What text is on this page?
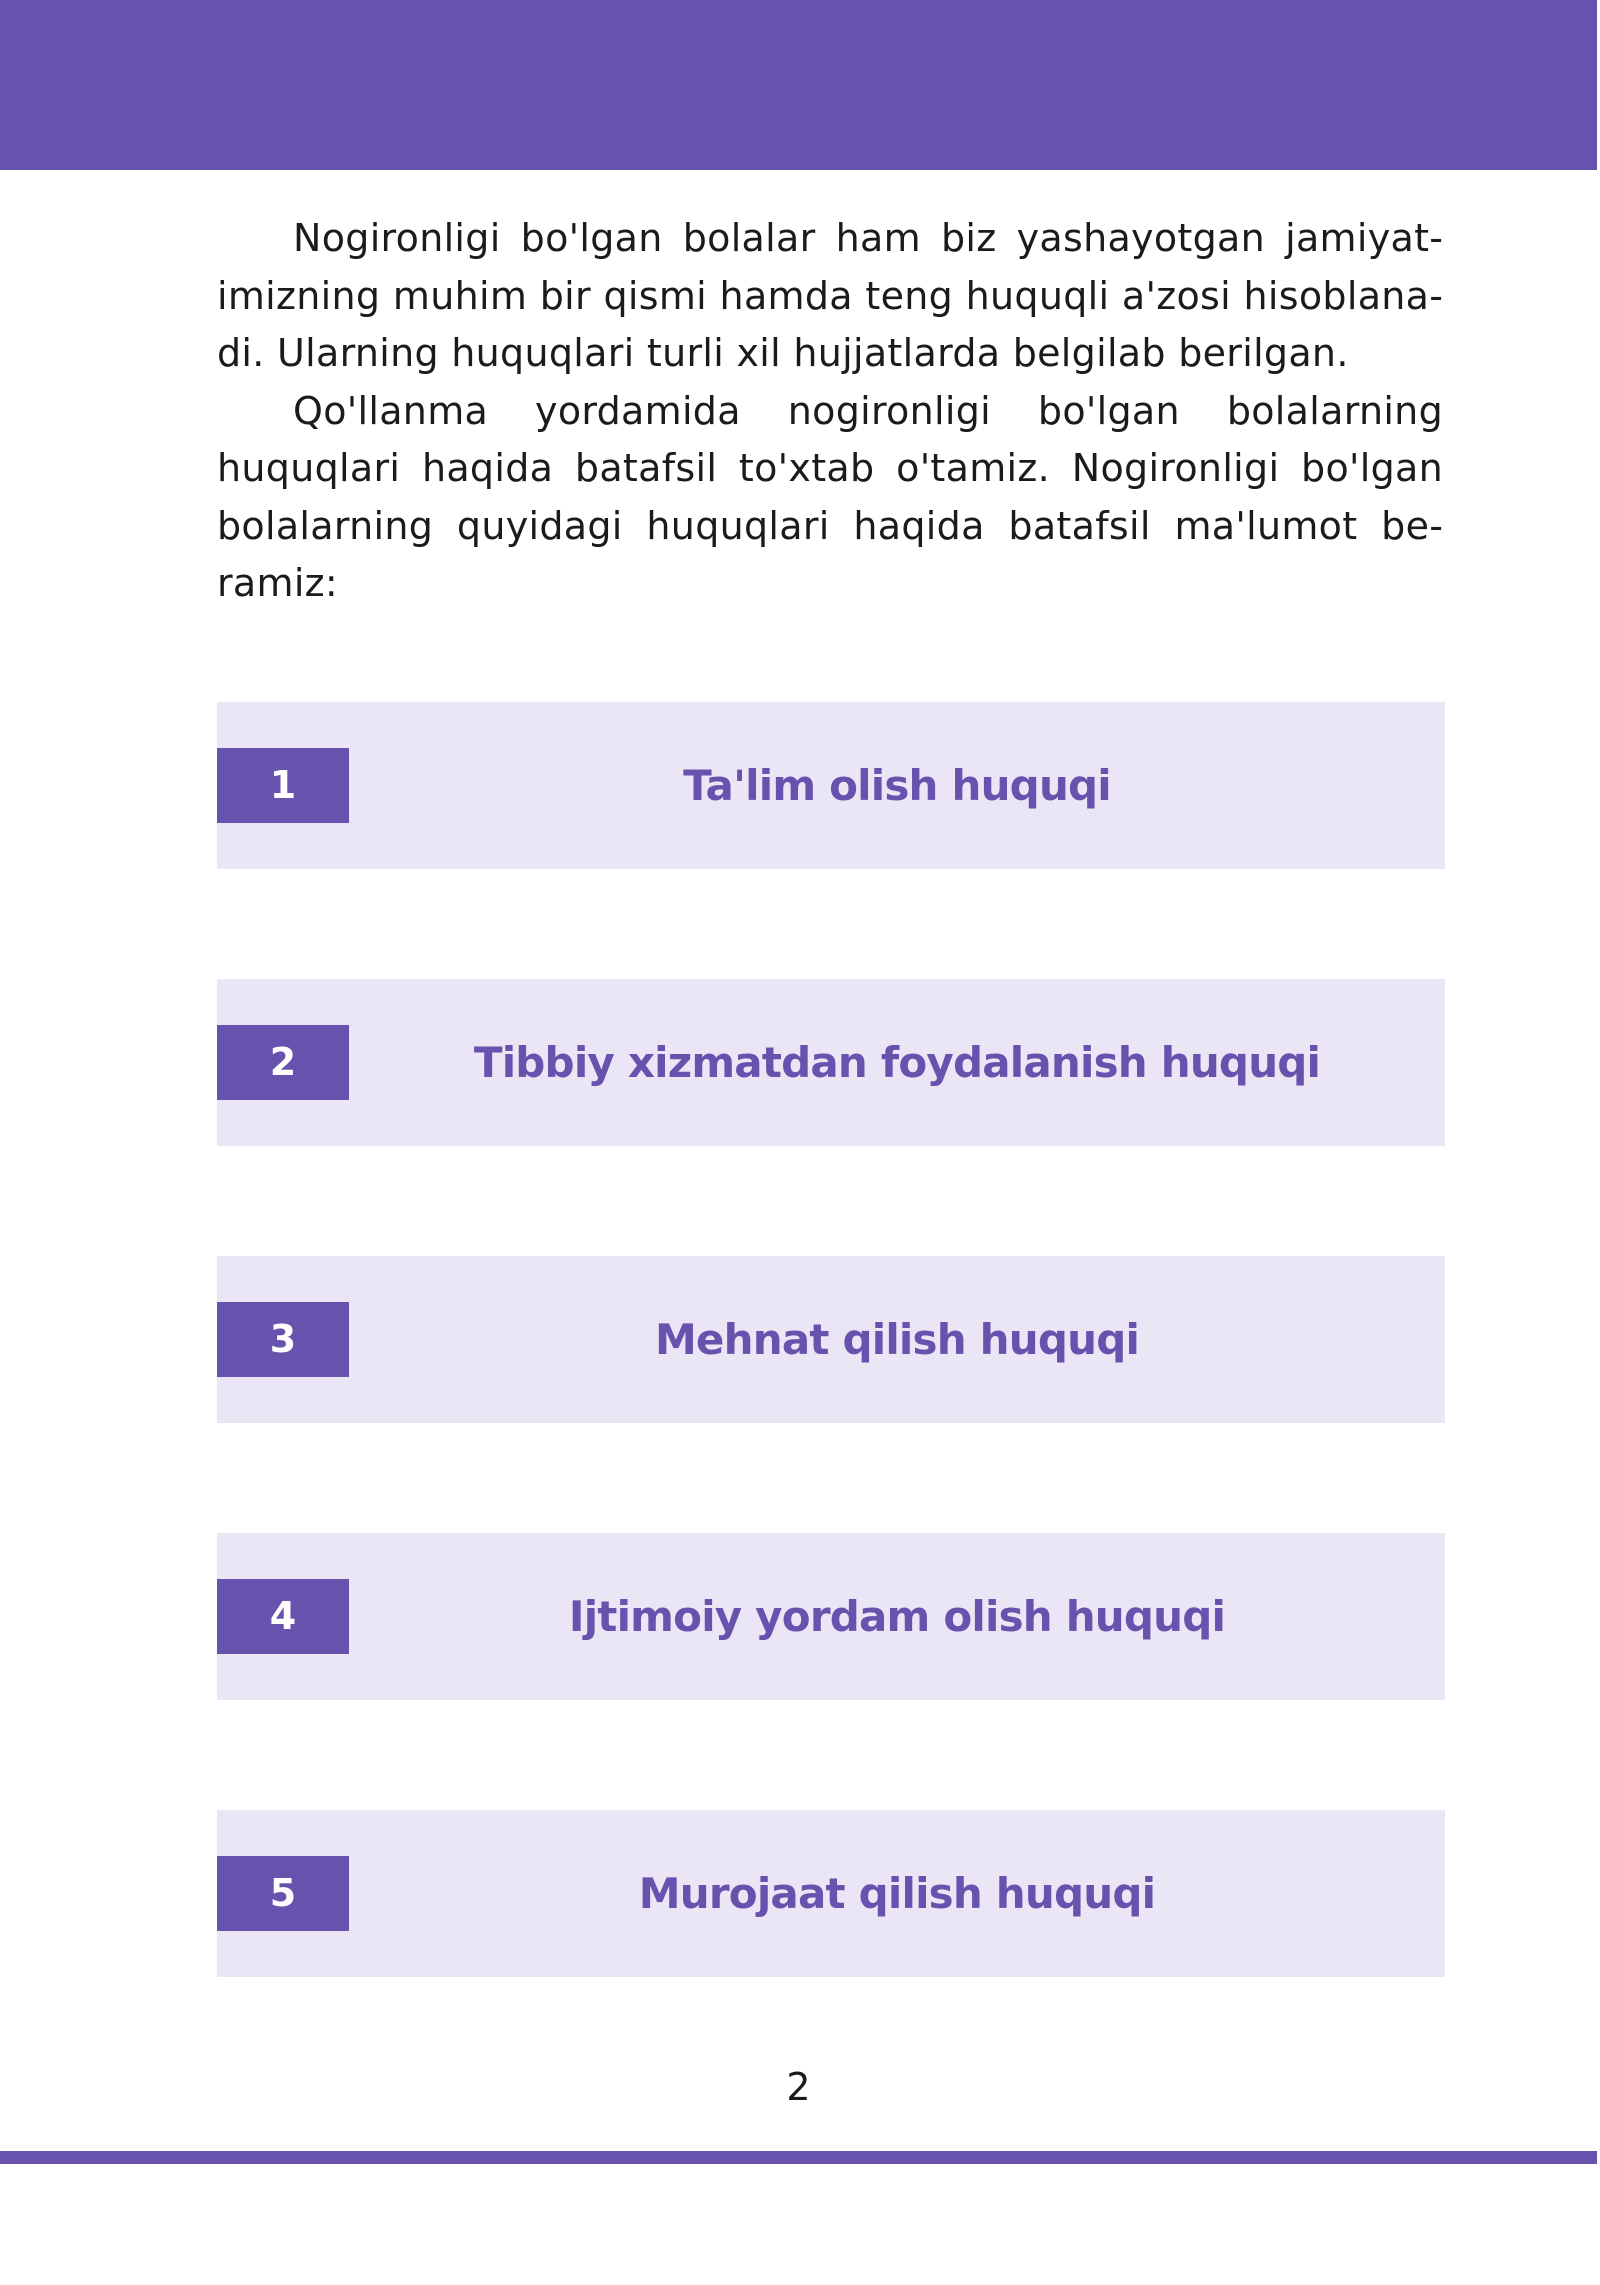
Nogironligi bo'lgan bolalar ham biz yashayotgan jamiyatimizning muhim bir qismi hamda teng huquqli a'zosi hisoblanadi. Ularning huquqlari turli xil hujjatlarda belgilab berilgan.

Qo'llanma yordamida nogironligi bo'lgan bolalarning huquqlari haqida batafsil to'xtab o'tamiz. Nogironligi bo'lgan bolalarning quyidagi huquqlari haqida batafsil ma'lumot beramiz:

1	Ta'lim olish huquqi
2	Tibbiy xizmatdan foydalanish huquqi
3	Mehnat qilish huquqi
4	Ijtimoiy yordam olish huquqi
5	Murojaat qilish huquqi
2
